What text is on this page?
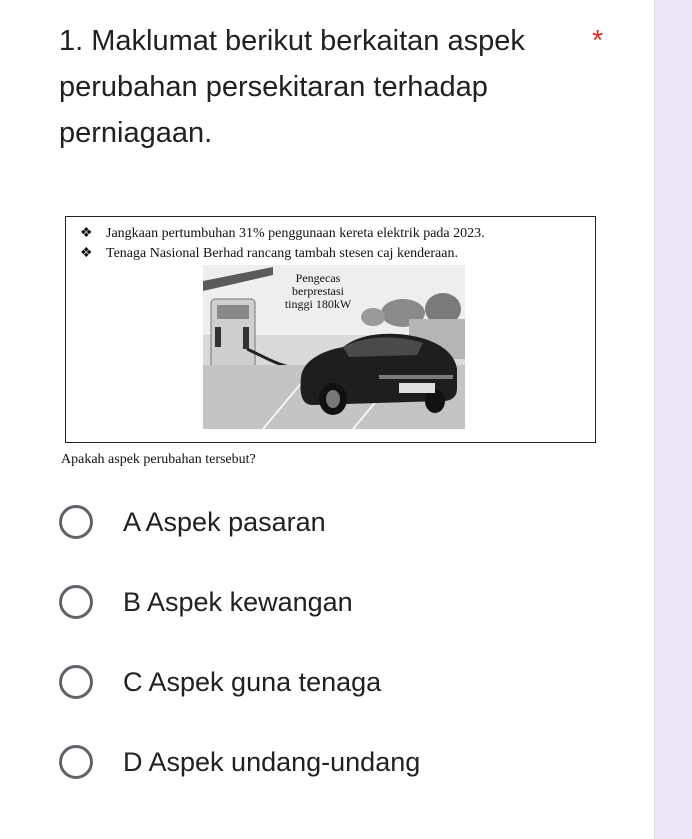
1. Maklumat berikut berkaitan aspek perubahan persekitaran terhadap perniagaan.
*
❖ Jangkaan pertumbuhan 31% penggunaan kereta elektrik pada 2023.
❖ Tenaga Nasional Berhad rancang tambah stesen caj kenderaan.
Pengecas
berprestasi
tinggi 180kW
Apakah aspek perubahan tersebut?
A Aspek pasaran
B Aspek kewangan
C Aspek guna tenaga
D Aspek undang-undang
